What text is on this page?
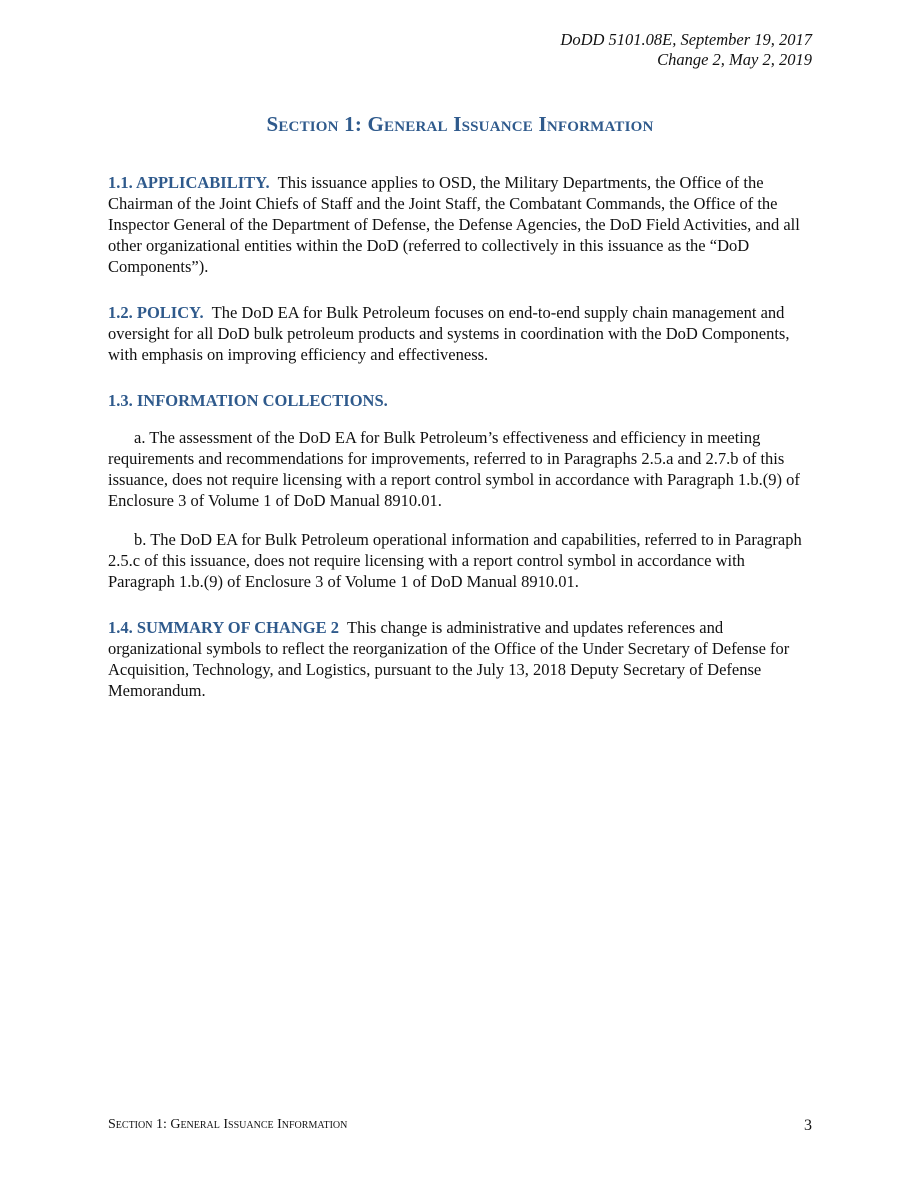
DoDD 5101.08E, September 19, 2017
Change 2, May 2, 2019
Section 1: General Issuance Information

1.1. APPLICABILITY. This issuance applies to OSD, the Military Departments, the Office of the Chairman of the Joint Chiefs of Staff and the Joint Staff, the Combatant Commands, the Office of the Inspector General of the Department of Defense, the Defense Agencies, the DoD Field Activities, and all other organizational entities within the DoD (referred to collectively in this issuance as the “DoD Components”).

1.2. POLICY. The DoD EA for Bulk Petroleum focuses on end-to-end supply chain management and oversight for all DoD bulk petroleum products and systems in coordination with the DoD Components, with emphasis on improving efficiency and effectiveness.

1.3. INFORMATION COLLECTIONS.

a. The assessment of the DoD EA for Bulk Petroleum’s effectiveness and efficiency in meeting requirements and recommendations for improvements, referred to in Paragraphs 2.5.a and 2.7.b of this issuance, does not require licensing with a report control symbol in accordance with Paragraph 1.b.(9) of Enclosure 3 of Volume 1 of DoD Manual 8910.01.

b. The DoD EA for Bulk Petroleum operational information and capabilities, referred to in Paragraph 2.5.c of this issuance, does not require licensing with a report control symbol in accordance with Paragraph 1.b.(9) of Enclosure 3 of Volume 1 of DoD Manual 8910.01.

1.4. SUMMARY OF CHANGE 2 This change is administrative and updates references and organizational symbols to reflect the reorganization of the Office of the Under Secretary of Defense for Acquisition, Technology, and Logistics, pursuant to the July 13, 2018 Deputy Secretary of Defense Memorandum.

Section 1: General Issuance Information	3
